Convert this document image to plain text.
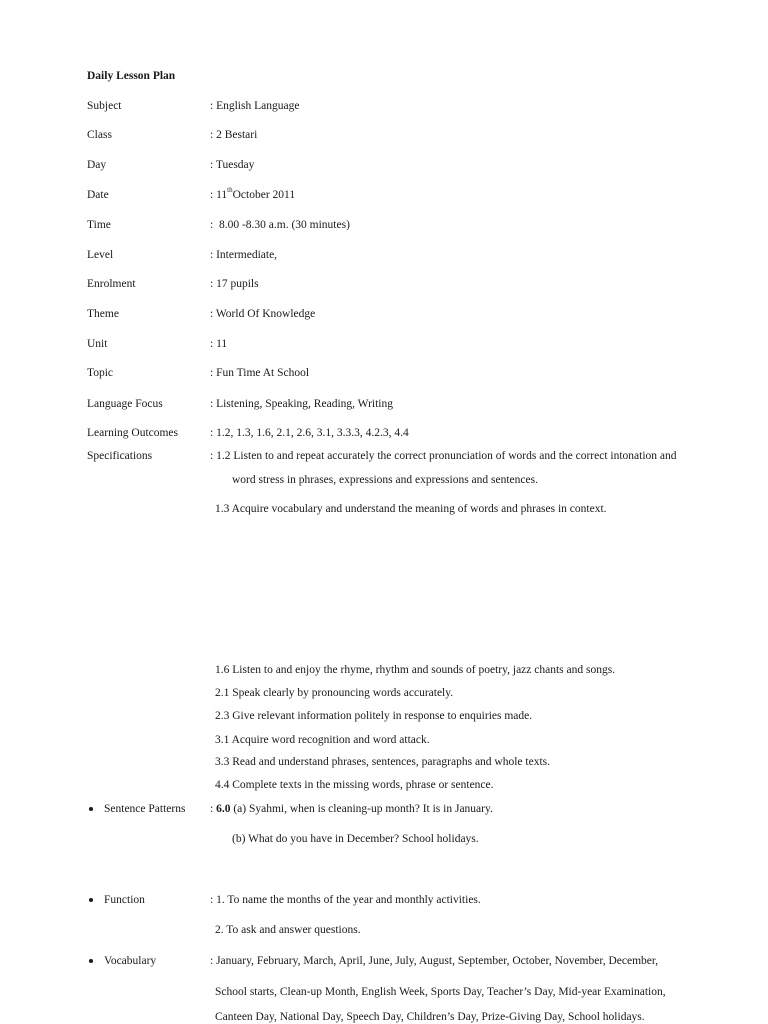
Daily Lesson Plan
Subject	: English Language
Class	: 2 Bestari
Day	: Tuesday
Date	: 11thOctober 2011
Time	:  8.00 -8.30 a.m. (30 minutes)
Level	: Intermediate,
Enrolment	: 17 pupils
Theme	: World Of Knowledge
Unit	: 11
Topic	: Fun Time At School
Language Focus	: Listening, Speaking, Reading, Writing
Learning Outcomes	: 1.2, 1.3, 1.6, 2.1, 2.6, 3.1, 3.3.3, 4.2.3, 4.4
Specifications	: 1.2 Listen to and repeat accurately the correct pronunciation of words and the correct intonation and
word stress in phrases, expressions and expressions and sentences.
1.3 Acquire vocabulary and understand the meaning of words and phrases in context.
1.6 Listen to and enjoy the rhyme, rhythm and sounds of poetry, jazz chants and songs.
2.1 Speak clearly by pronouncing words accurately.
2.3 Give relevant information politely in response to enquiries made.
3.1 Acquire word recognition and word attack.
3.3 Read and understand phrases, sentences, paragraphs and whole texts.
4.4 Complete texts in the missing words, phrase or sentence.
Sentence Patterns : 6.0 (a) Syahmi, when is cleaning-up month? It is in January.
(b) What do you have in December? School holidays.
Function	: 1. To name the months of the year and monthly activities.
2. To ask and answer questions.
Vocabulary	: January, February, March, April, June, July, August, September, October, November, December,
School starts, Clean-up Month, English Week, Sports Day, Teacher’s Day, Mid-year Examination,
Canteen Day, National Day, Speech Day, Children’s Day, Prize-Giving Day, School holidays.
